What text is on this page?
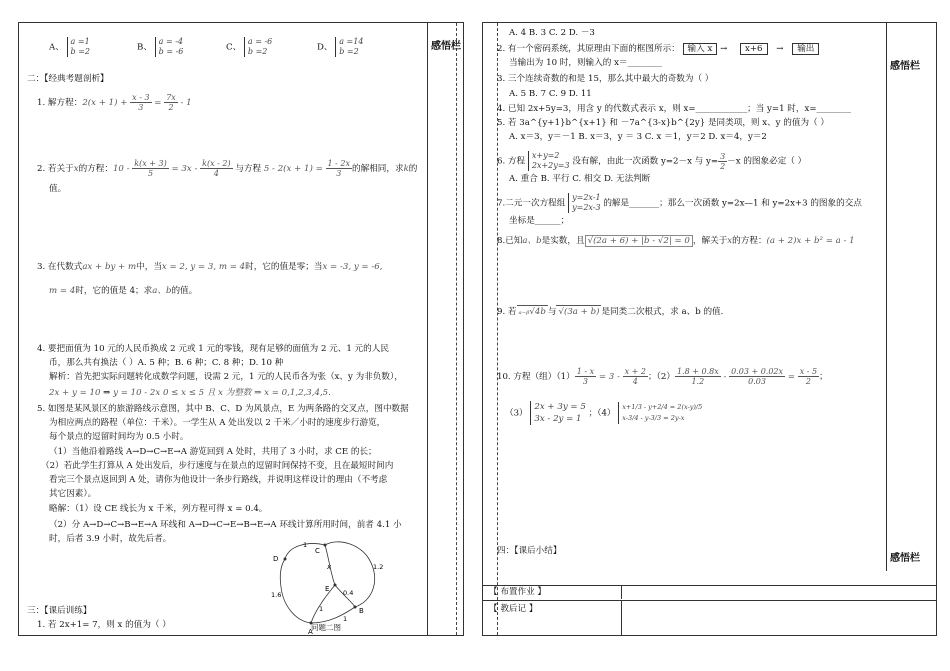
感悟栏
A、 a =1
b =2	B、 a = -4
b = -6	C、 a = -6
b =2	D、 a =14
b =2
二：【经典考题剖析】
1. 解方程：$2(x + 1) + \frac{x - 3}{3} = \frac{7x}{2} - 1$
2. 若关于x的方程：$10 - \frac{k(x + 3)}{5} = 3x - \frac{k(x - 2)}{4}$ 与方程 $5 - 2(x + 1) = \frac{1 - 2x}{3}$ 的解相同，求k的
值。
3. 在代数式ax + by + m中，当x = 2, y = 3, m = 4时，它的值是零；当x = -3, y = -6,
m = 4时，它的值是 4；求a、b的值。
4. 要把面值为 10 元的人民币换成 2 元或 1 元的零钱，现有足够的面值为 2 元、1 元的人民
币，那么共有换法（ ）A. 5 种；B. 6 种；C. 8 种；D. 10 种
解析：首先把实际问题转化成数学问题，设需 2 元，1 元的人民币各为张（x、y 为非负数），
2x + y = 10 ⇒ y = 10 - 2x 0 ≤ x ≤ 5 且 x 为整数 ⇒ x = 0,1,2,3,4,5.
5. 如图是某风景区的旅游路线示意图，其中 B、C、D 为风景点，E 为两条路的交叉点，图中数据
为相应两点的路程（单位：千米）。一学生从 A 处出发以 2 千米／小时的速度步行游览，
每个景点的逗留时间均为 0.5 小时。
（1）当他沿着路线 A→D→C→E→A 游览回到 A 处时，共用了 3 小时，求 CE 的长；
（2）若此学生打算从 A 处出发后，步行速度与在景点的逗留时间保持不变，且在最短时间内
看完三个景点返回到 A 处，请你为他设计一条步行路线，并说明这样设计的理由（不考虑
其它因素）。
略解：（1）设 CE 线长为 x 千米，列方程可得 x = 0.4。
（2）分 A→D→C→B→E→A 环线和 A→D→C→E→B→E→A 环线计算所用时间，前者 4.1 小
时，后者 3.9 小时，故先后者。
D
C
x
E
B
A
1
1.2
0.4
1.6
1
1
问题二图
三：【课后训练】
1. 若 2x+1= 7，则 x 的值为（ ）
感悟栏
感悟栏
A. 4 B. 3 C. 2 D. －3
2. 有一个密码系统，其原理由下面的框图所示： 输入 x → x+6 → 输出
当输出为 10 时，则输入的 x＝________
3. 三个连续奇数的和是 15，那么其中最大的奇数为（ ）
A. 5 B. 7 C. 9 D. 11
4. 已知 2x+5y=3，用含 y 的代数式表示 x，则 x=____________；当 y=1 时，x=________
5. 若 3a^{y+1}b^{x+1} 和 －7a^{3-x}b^{2y} 是同类项，则 x、y 的值为（ ）
A. x＝3，y＝－1 B. x＝3，y ＝ 3 C. x ＝1，y＝2 D. x＝4，y＝2
6. 方程 x+y=2
2x+2y=3 没有解，由此一次函数 y=2－x 与 $y= \frac{3}{2} -x$ 的图象必定（ ）
A. 重合 B. 平行 C. 相交 D. 无法判断
7.二元一次方程组 y=2x-1
y=2x-3 的解是_______；那么一次函数 y=2x—1 和 y=2x+3 的图象的交点
坐标是______；
8.已知a、b是实数，且 √(2a + 6) + |b - √2| = 0 ，解关于x的方程：(a + 2)x + b² = a - 1
9. 若 ₐ₋ᵦ√4b 与 √(3a + b) 是同类二次根式，求 a、b 的值.
10. 方程（组）$(1) \frac{1 - x}{3} = 3 - \frac{x + 2}{4}$ ；$(2) \frac{1.8 + 0.8x}{1.2} - \frac{0.03 + 0.02x}{0.03} = \frac{x - 5}{2}$ ；
（3） 2x + 3y = 5
3x - 2y = 1 ；（4） x+1/3 - y+2/4 = 2(x-y)/5
x-3/4 - y-3/3 = 2y-x
四：【课后小结】
【 布置作业 】
【 教后记 】
